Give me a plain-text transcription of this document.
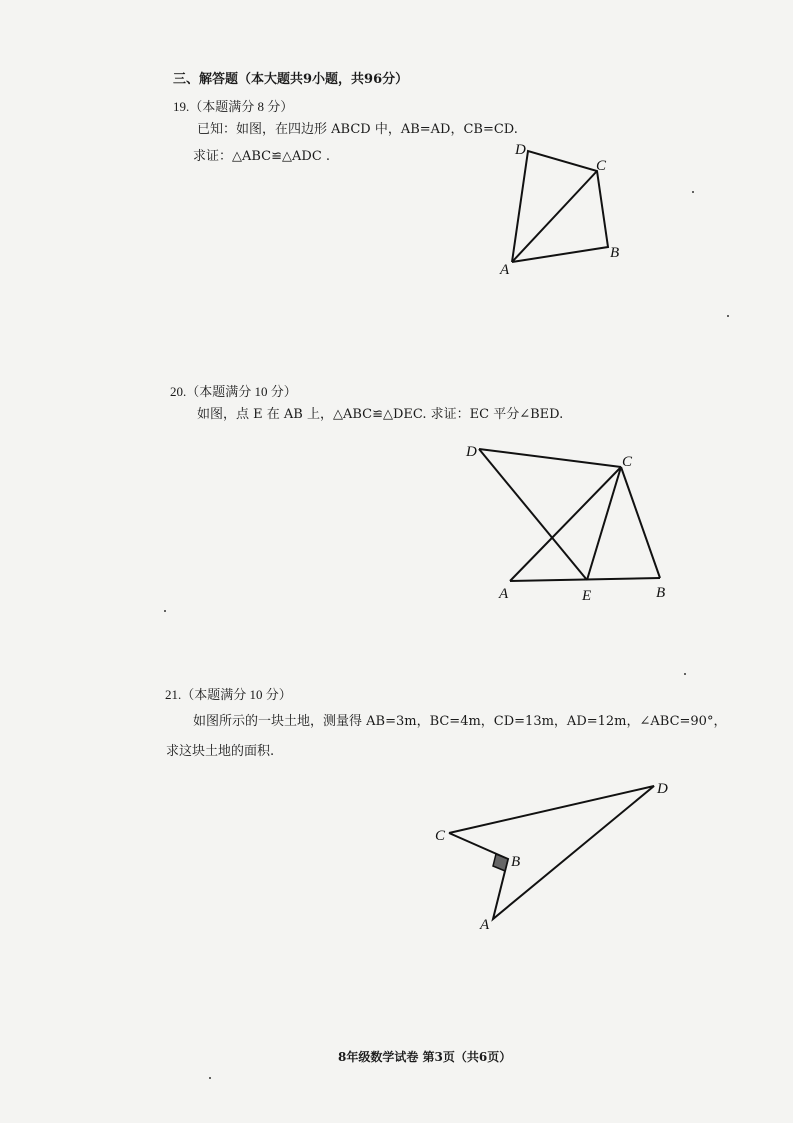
三、解答题（本大题共9小题，共96分）
19.（本题满分 8 分）
已知：如图，在四边形 ABCD 中，AB=AD，CB=CD.
求证：△ABC≌△ADC .
20.（本题满分 10 分）
如图，点 E 在 AB 上，△ABC≌△DEC. 求证：EC 平分∠BED.
21.（本题满分 10 分）
如图所示的一块土地，测量得 AB=3m，BC=4m，CD=13m，AD=12m，∠ABC=90°，
求这块土地的面积.
8年级数学试卷 第3页（共6页）
D
C
B
A
D
C
A	E	B
D
C
B
A
